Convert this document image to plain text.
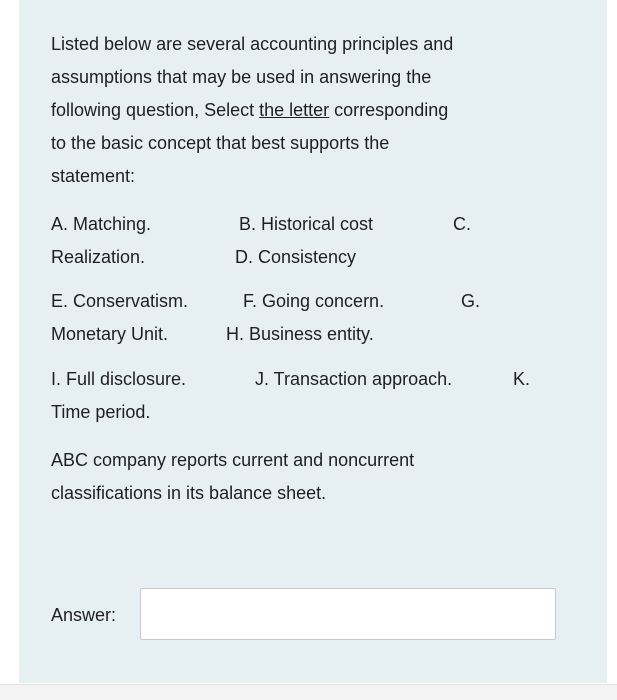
Listed below are several accounting principles and
assumptions that may be used in answering the
following question, Select the letter corresponding
to the basic concept that best supports the
statement:
A. Matching.	B. Historical cost	C.
Realization.	D. Consistency
E. Conservatism.	F. Going concern.	G.
Monetary Unit.	H. Business entity.
I. Full disclosure.	J. Transaction approach.	K.
Time period.
ABC company reports current and noncurrent
classifications in its balance sheet.
Answer:
